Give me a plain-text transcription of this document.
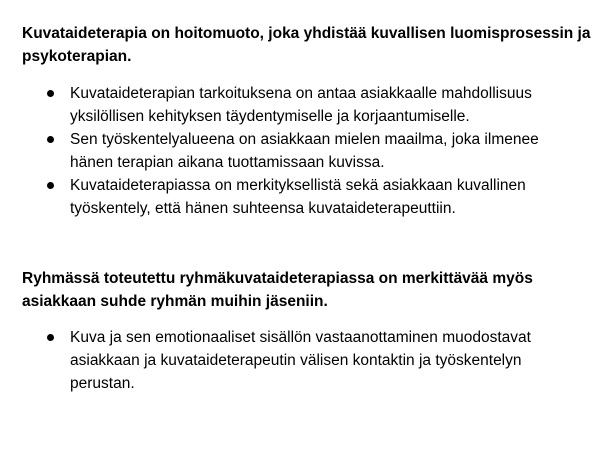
Kuvataideterapia on hoitomuoto, joka yhdistää kuvallisen luomisprosessin ja psykoterapian.

Kuvataideterapian tarkoituksena on antaa asiakkaalle mahdollisuus yksilöllisen kehityksen täydentymiselle ja korjaantumiselle.
Sen työskentelyalueena on asiakkaan mielen maailma, joka ilmenee hänen terapian aikana tuottamissaan kuvissa.
Kuvataideterapiassa on merkityksellistä sekä asiakkaan kuvallinen työskentely, että hänen suhteensa kuvataideterapeuttiin.

Ryhmässä toteutettu ryhmäkuvataideterapiassa on merkittävää myös asiakkaan suhde ryhmän muihin jäseniin.

Kuva ja sen emotionaaliset sisällön vastaanottaminen muodostavat asiakkaan ja kuvataideterapeutin välisen kontaktin ja työskentelyn perustan.
